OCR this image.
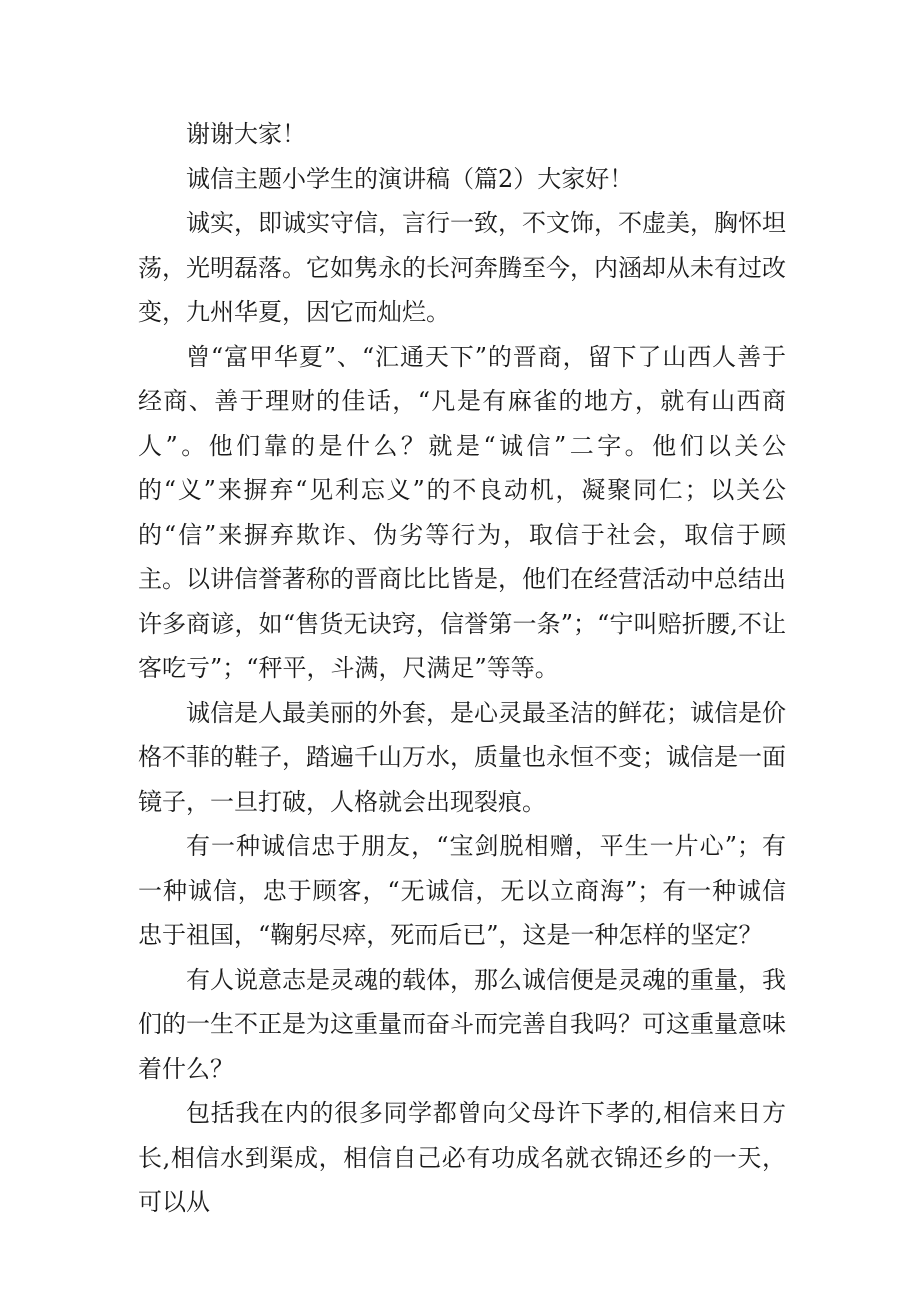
谢谢大家！

诚信主题小学生的演讲稿（篇2）大家好！

诚实，即诚实守信，言行一致，不文饰，不虚美，胸怀坦荡，光明磊落。它如隽永的长河奔腾至今，内涵却从未有过改变，九州华夏，因它而灿烂。

曾“富甲华夏”、“汇通天下”的晋商，留下了山西人善于经商、善于理财的佳话，“凡是有麻雀的地方，就有山西商人”。他们靠的是什么？就是“诚信”二字。他们以关公的“义”来摒弃“见利忘义”的不良动机，凝聚同仁；以关公的“信”来摒弃欺诈、伪劣等行为，取信于社会，取信于顾主。以讲信誉著称的晋商比比皆是，他们在经营活动中总结出许多商谚，如“售货无诀窍，信誉第一条”；“宁叫赔折腰,不让客吃亏”；“秤平，斗满，尺满足”等等。

诚信是人最美丽的外套，是心灵最圣洁的鲜花；诚信是价格不菲的鞋子，踏遍千山万水，质量也永恒不变；诚信是一面镜子，一旦打破，人格就会出现裂痕。

有一种诚信忠于朋友，“宝剑脱相赠，平生一片心”；有一种诚信，忠于顾客，“无诚信，无以立商海”；有一种诚信忠于祖国，“鞠躬尽瘁，死而后已”，这是一种怎样的坚定？

有人说意志是灵魂的载体，那么诚信便是灵魂的重量，我们的一生不正是为这重量而奋斗而完善自我吗？可这重量意味着什么？

包括我在内的很多同学都曾向父母许下孝的,相信来日方长,相信水到渠成，相信自己必有功成名就衣锦还乡的一天，可以从
